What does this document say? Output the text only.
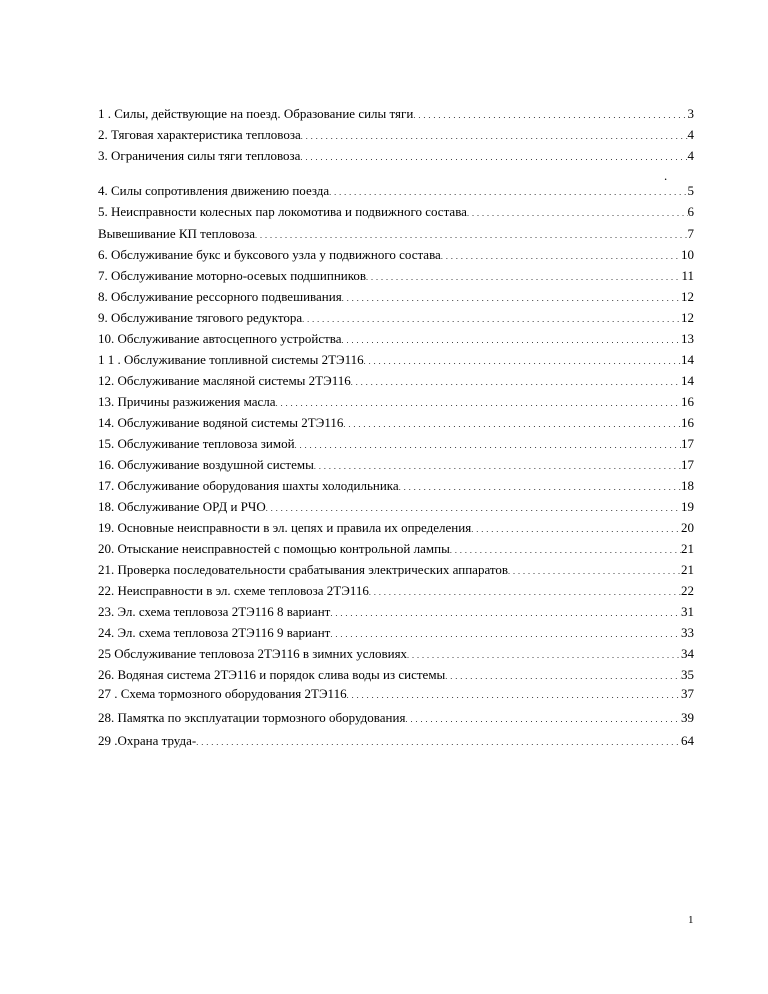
1 . Силы, действующие на поезд. Образование силы тяги . . .	3
2. Тяговая характеристика тепловоза . . .	4
3. Ограничения силы тяги тепловоза . . .	4
4. Силы сопротивления движению поезда . . .	5
5. Неисправности колесных пар локомотива и подвижного состава . . .	6
Вывешивание КП тепловоза . . .	7
6. Обслуживание букс и буксового узла у подвижного состава . . .	10
7. Обслуживание моторно-осевых подшипников . . .	11
8. Обслуживание рессорного подвешивания . . .	12
9. Обслуживание тягового редуктора . . .	12
10. Обслуживание автосцепного устройства . . .	13
1 1 . Обслуживание топливной системы 2ТЭ116 . . .	14
12. Обслуживание масляной системы 2ТЭ116 . . .	14
13. Причины разжижения масла . . .	16
14. Обслуживание водяной системы 2ТЭ116 . . .	16
15. Обслуживание тепловоза зимой . . .	17
16. Обслуживание воздушной системы . . .	17
17. Обслуживание оборудования шахты холодильника . . .	18
18. Обслуживание ОРД и РЧО . . .	19
19. Основные неисправности в эл. цепях и правила их определения . . .	20
20. Отыскание неисправностей с помощью контрольной лампы . . .	21
21. Проверка последовательности срабатывания электрических аппаратов . . .	21
22. Неисправности в эл. схеме тепловоза 2ТЭ116 . . .	22
23. Эл. схема тепловоза 2ТЭ116 8 вариант . . .	31
24. Эл. схема тепловоза 2ТЭ116 9 вариант . . .	33
25 Обслуживание тепловоза 2ТЭ116 в зимних условиях . . .	34
26. Водяная система 2ТЭ116 и порядок слива воды из системы . . .	35
27 . Схема тормозного оборудования 2ТЭ116 . . .	37
28. Памятка по эксплуатации тормозного оборудования . . .	39
29 .Охрана труда- . . .	64
.
1
